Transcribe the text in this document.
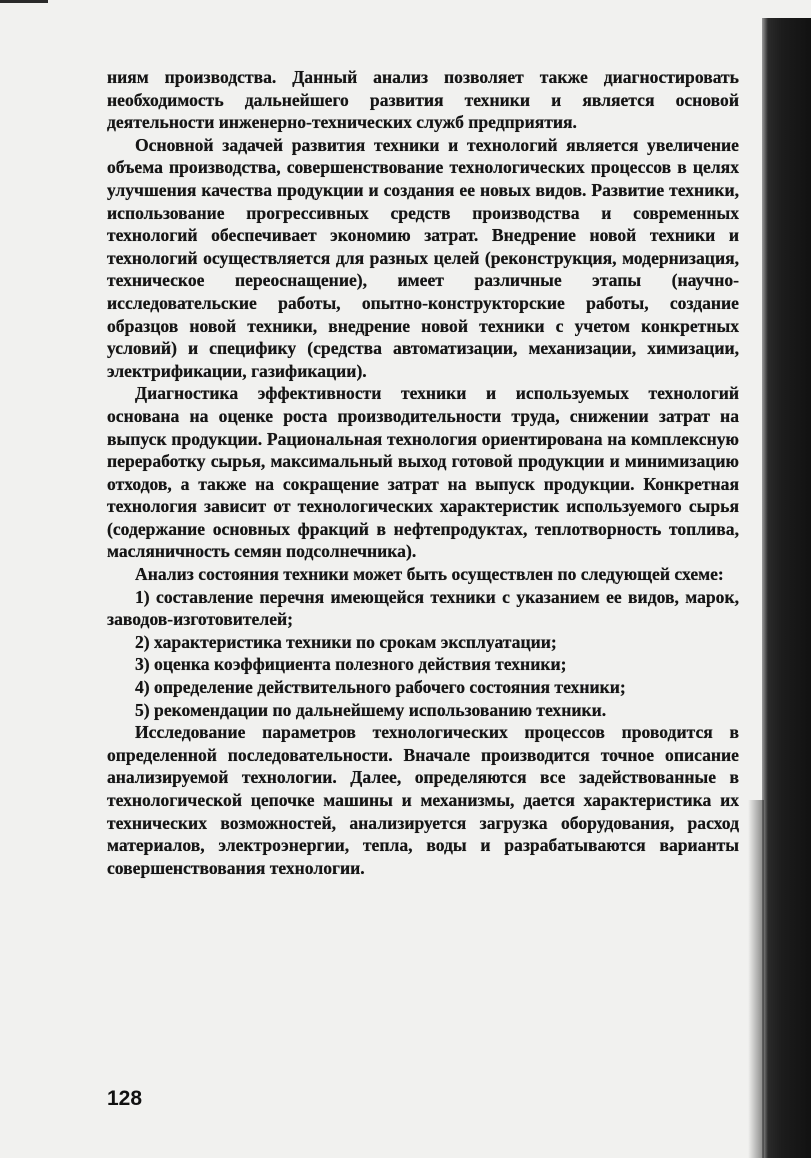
ниям производства. Данный анализ позволяет также диагностировать необходимость дальнейшего развития техники и является основой деятельности инженерно-технических служб предприятия.

Основной задачей развития техники и технологий является увеличение объема производства, совершенствование технологических процессов в целях улучшения качества продукции и создания ее новых видов. Развитие техники, использование прогрессивных средств производства и современных технологий обеспечивает экономию затрат. Внедрение новой техники и технологий осуществляется для разных целей (реконструкция, модернизация, техническое переоснащение), имеет различные этапы (научно-исследовательские работы, опытно-конструкторские работы, создание образцов новой техники, внедрение новой техники с учетом конкретных условий) и специфику (средства автоматизации, механизации, химизации, электрификации, газификации).

Диагностика эффективности техники и используемых технологий основана на оценке роста производительности труда, снижении затрат на выпуск продукции. Рациональная технология ориентирована на комплексную переработку сырья, максимальный выход готовой продукции и минимизацию отходов, а также на сокращение затрат на выпуск продукции. Конкретная технология зависит от технологических характеристик используемого сырья (содержание основных фракций в нефтепродуктах, теплотворность топлива, масляничность семян подсолнечника).

Анализ состояния техники может быть осуществлен по следующей схеме:

1) составление перечня имеющейся техники с указанием ее видов, марок, заводов-изготовителей;
2) характеристика техники по срокам эксплуатации;
3) оценка коэффициента полезного действия техники;
4) определение действительного рабочего состояния техники;
5) рекомендации по дальнейшему использованию техники.

Исследование параметров технологических процессов проводится в определенной последовательности. Вначале производится точное описание анализируемой технологии. Далее, определяются все задействованные в технологической цепочке машины и механизмы, дается характеристика их технических возможностей, анализируется загрузка оборудования, расход материалов, электроэнергии, тепла, воды и разрабатываются варианты совершенствования технологии.

128
